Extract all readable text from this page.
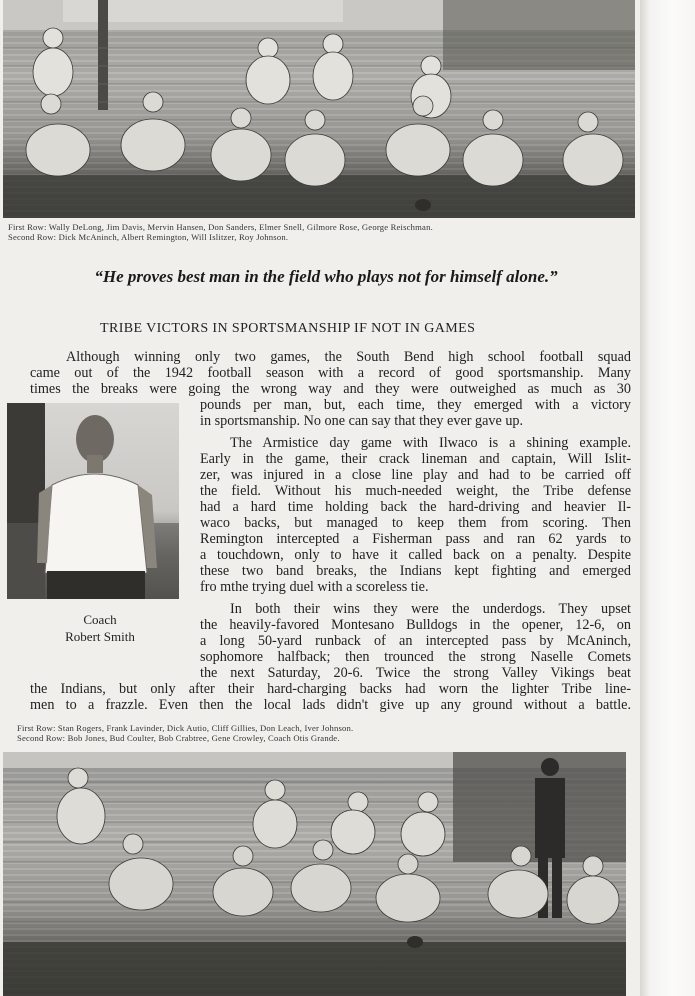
First Row: Wally DeLong, Jim Davis, Mervin Hansen, Don Sanders, Elmer Snell, Gilmore Rose, George Reischman.
Second Row: Dick McAninch, Albert Remington, Will Islitzer, Roy Johnson.
“He proves best man in the field who plays not for himself alone.”
TRIBE VICTORS IN SPORTSMANSHIP IF NOT IN GAMES
Although winning only two games, the South Bend high school football squad
came out of the 1942 football season with a record of good sportsmanship. Many
times the breaks were going the wrong way and they were outweighed as much as 30
pounds per man, but, each time, they emerged with a victory
in sportsmanship. No one can say that they ever gave up.
The Armistice day game with Ilwaco is a shining example.
Early in the game, their crack lineman and captain, Will Islit-
zer, was injured in a close line play and had to be carried off
the field. Without his much-needed weight, the Tribe defense
had a hard time holding back the hard-driving and heavier Il-
waco backs, but managed to keep them from scoring. Then
Remington intercepted a Fisherman pass and ran 62 yards to
a touchdown, only to have it called back on a penalty. Despite
these two band breaks, the Indians kept fighting and emerged
fro mthe trying duel with a scoreless tie.
In both their wins they were the underdogs. They upset
the heavily-favored Montesano Bulldogs in the opener, 12-6, on
a long 50-yard runback of an intercepted pass by McAninch,
sophomore halfback; then trounced the strong Naselle Comets
the next Saturday, 20-6. Twice the strong Valley Vikings beat
the Indians, but only after their hard-charging backs had worn the lighter Tribe line-
men to a frazzle. Even then the local lads didn't give up any ground without a battle.
Coach
Robert Smith
First Row: Stan Rogers, Frank Lavinder, Dick Autio, Cliff Gillies, Don Leach, Iver Johnson.
Second Row: Bob Jones, Bud Coulter, Bob Crabtree, Gene Crowley, Coach Otis Grande.
